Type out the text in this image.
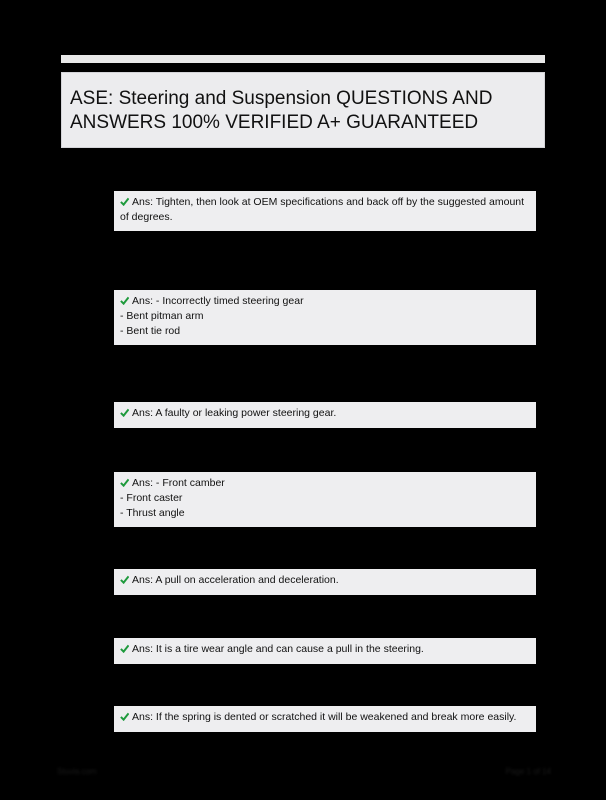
ASE: Steering and Suspension QUESTIONS AND ANSWERS 100% VERIFIED A+ GUARANTEED
Ans: Tighten, then look at OEM specifications and back off by the suggested amount of degrees.
Ans: - Incorrectly timed steering gear
- Bent pitman arm
- Bent tie rod
Ans: A faulty or leaking power steering gear.
Ans: - Front camber
- Front caster
- Thrust angle
Ans: A pull on acceleration and deceleration.
Ans: It is a tire wear angle and can cause a pull in the steering.
Ans: If the spring is dented or scratched it will be weakened and break more easily.
Stuvia.com	Page 1 of 14
